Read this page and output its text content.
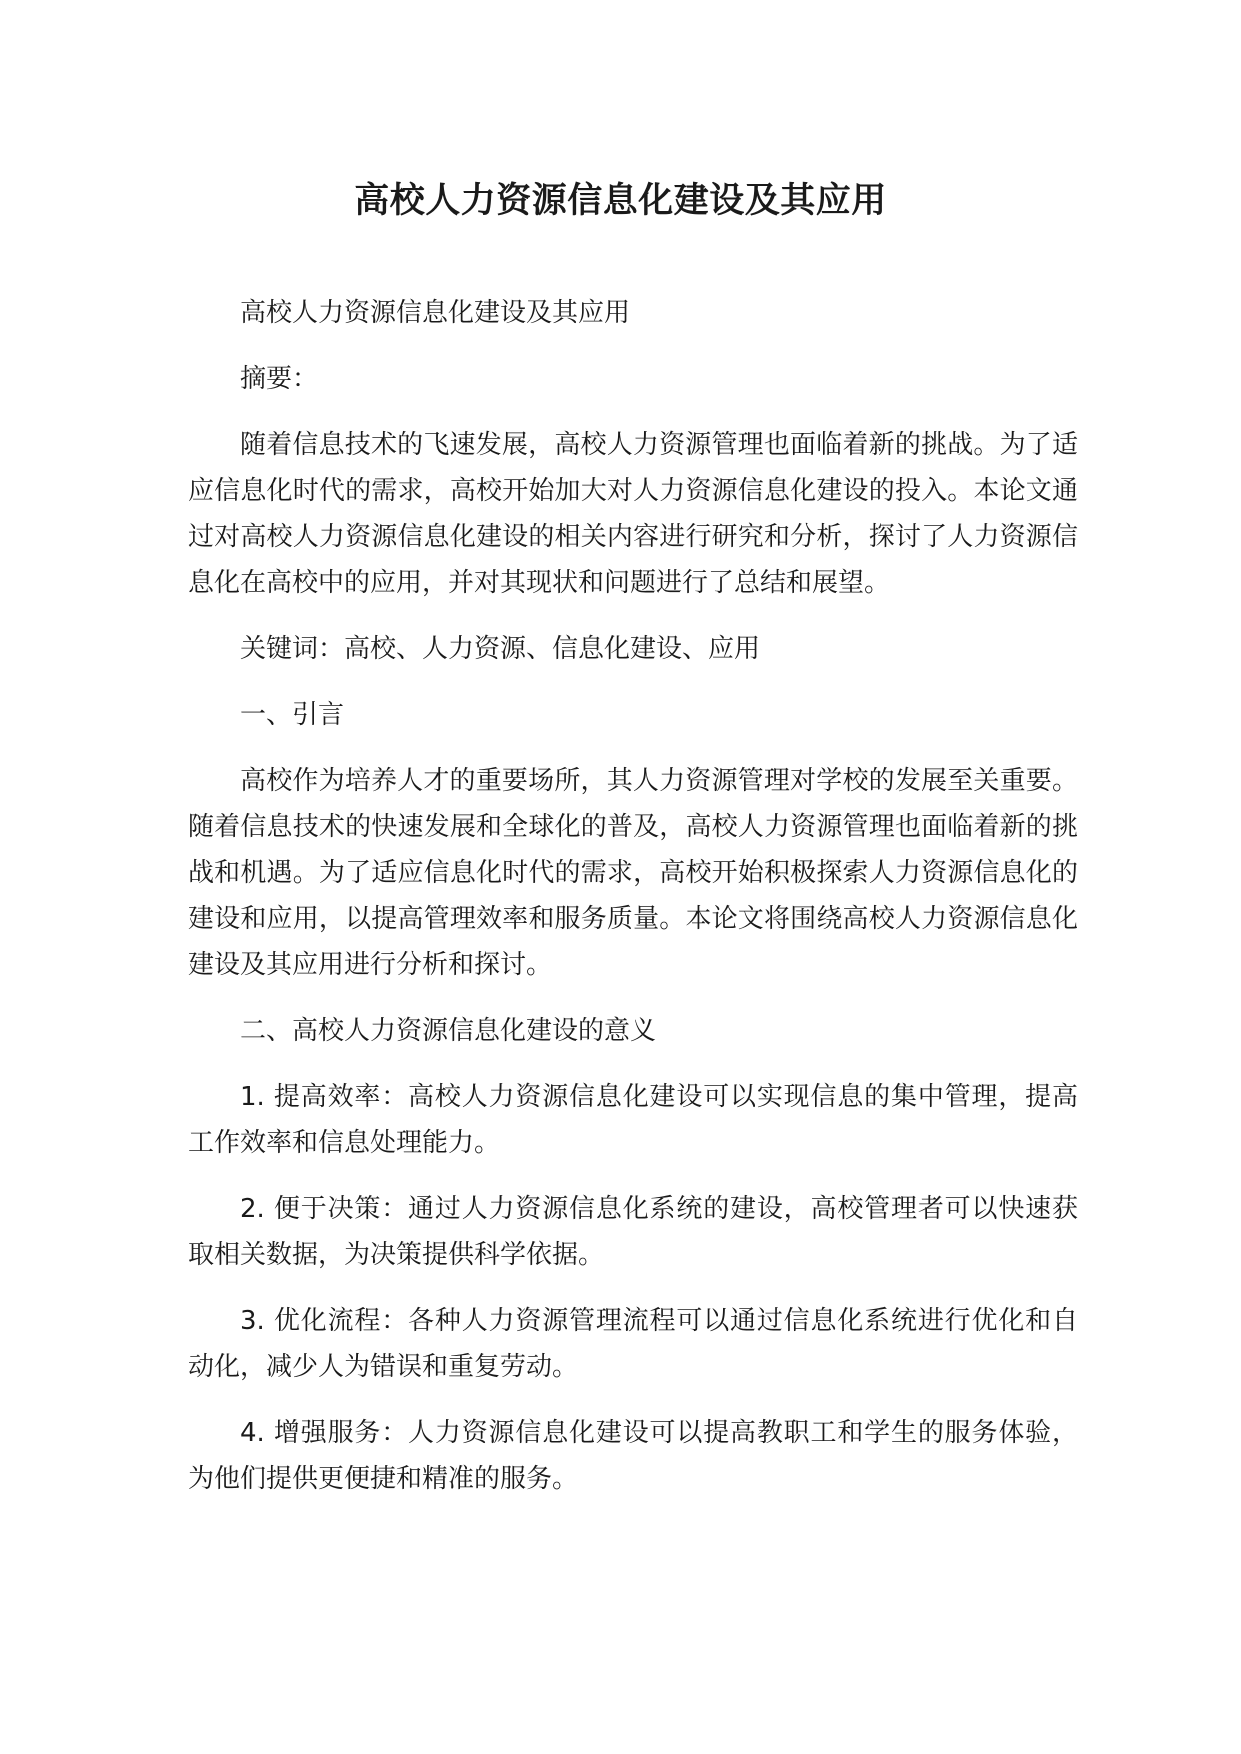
高校人力资源信息化建设及其应用

高校人力资源信息化建设及其应用

摘要：

随着信息技术的飞速发展，高校人力资源管理也面临着新的挑战。为了适应信息化时代的需求，高校开始加大对人力资源信息化建设的投入。本论文通过对高校人力资源信息化建设的相关内容进行研究和分析，探讨了人力资源信息化在高校中的应用，并对其现状和问题进行了总结和展望。

关键词：高校、人力资源、信息化建设、应用

一、引言

高校作为培养人才的重要场所，其人力资源管理对学校的发展至关重要。随着信息技术的快速发展和全球化的普及，高校人力资源管理也面临着新的挑战和机遇。为了适应信息化时代的需求，高校开始积极探索人力资源信息化的建设和应用，以提高管理效率和服务质量。本论文将围绕高校人力资源信息化建设及其应用进行分析和探讨。

二、高校人力资源信息化建设的意义

1. 提高效率：高校人力资源信息化建设可以实现信息的集中管理，提高工作效率和信息处理能力。

2. 便于决策：通过人力资源信息化系统的建设，高校管理者可以快速获取相关数据，为决策提供科学依据。

3. 优化流程：各种人力资源管理流程可以通过信息化系统进行优化和自动化，减少人为错误和重复劳动。

4. 增强服务：人力资源信息化建设可以提高教职工和学生的服务体验，为他们提供更便捷和精准的服务。
